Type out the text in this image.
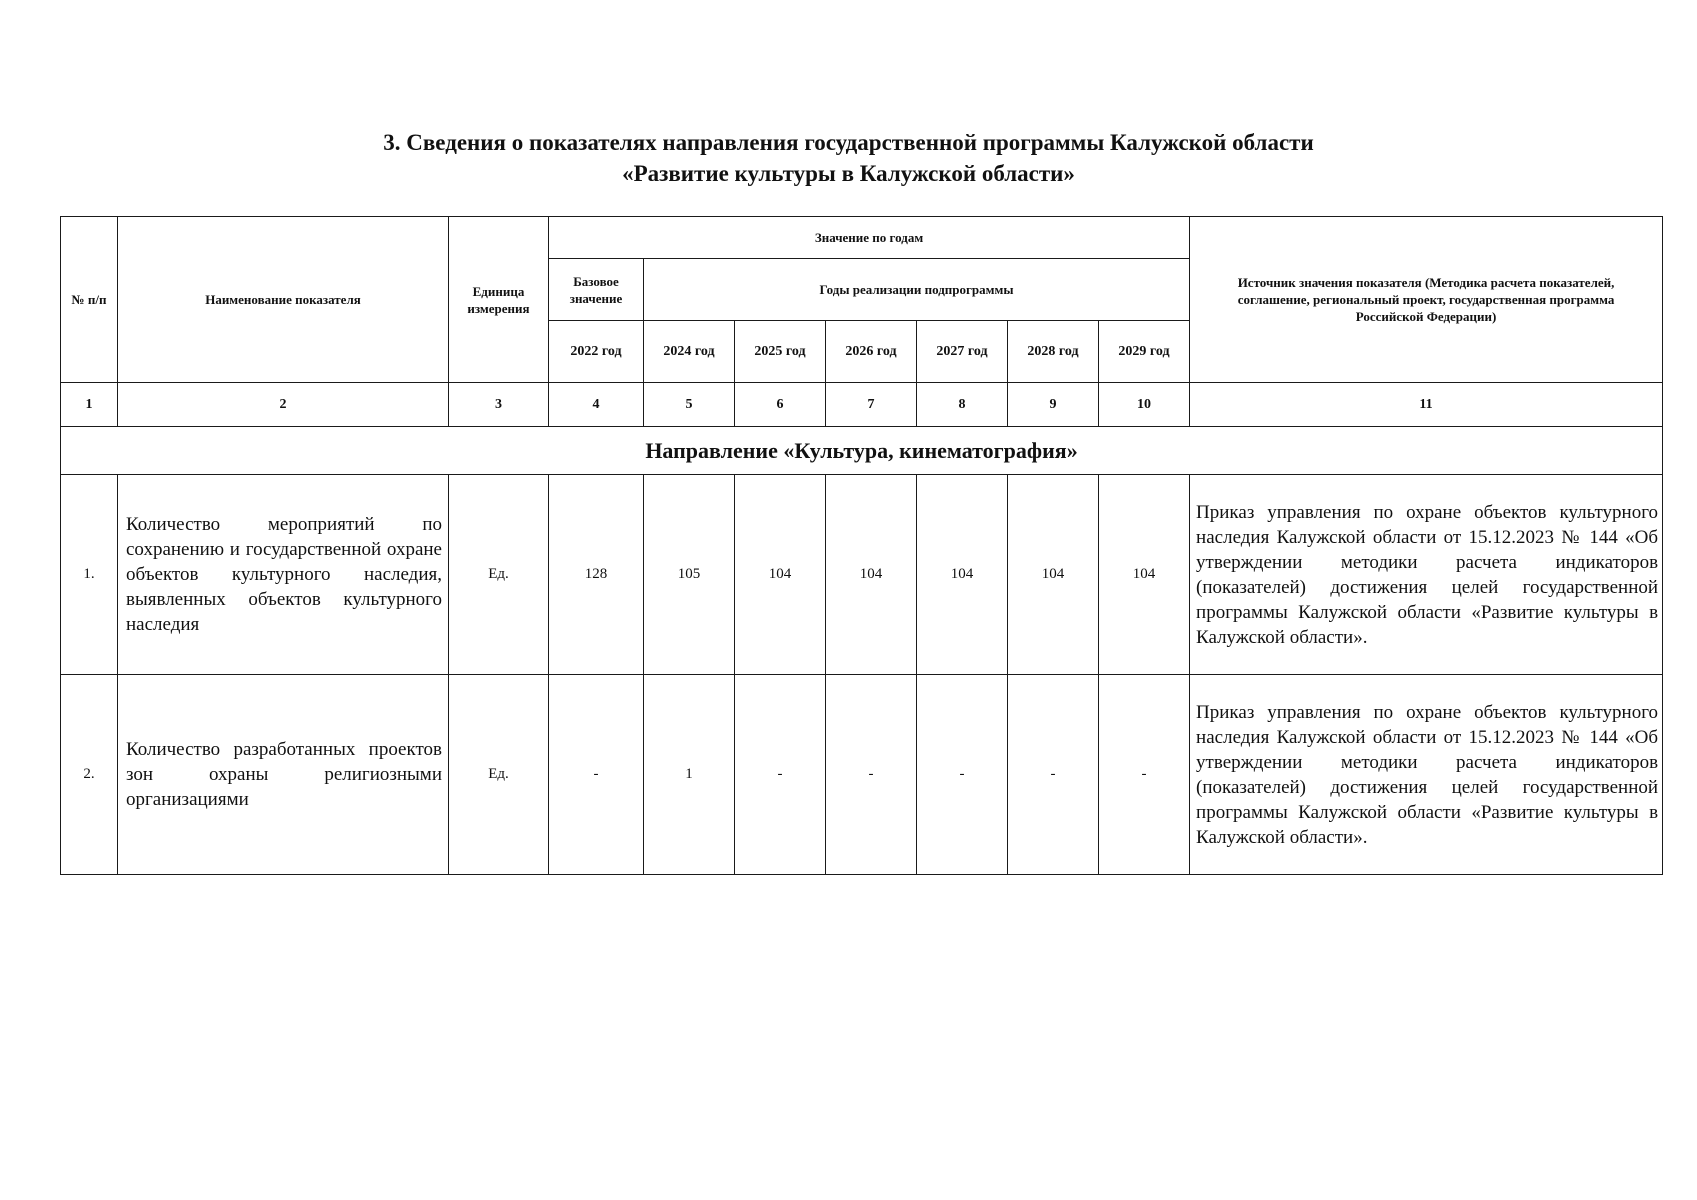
3. Сведения о показателях направления государственной программы Калужской области
«Развитие культуры в Калужской области»
№ п/п	Наименование показателя	Единица измерения	Значение по годам							Источник значения показателя (Методика расчета показателей, соглашение, региональный проект, государственная программа Российской Федерации)
			Базовое значение	Годы реализации подпрограммы						
			2022 год	2024 год	2025 год	2026 год	2027 год	2028 год	2029 год	
1	2	3	4	5	6	7	8	9	10	11
Направление «Культура, кинематография»										
1.	Количество мероприятий по сохранению и государственной охране объектов культурного наследия, выявленных объектов культурного наследия	Ед.	128	105	104	104	104	104	104	Приказ управления по охране объектов культурного наследия Калужской области от 15.12.2023 № 144 «Об утверждении методики расчета индикаторов (показателей) достижения целей государственной программы Калужской области «Развитие культуры в Калужской области».
2.	Количество разработанных проектов зон охраны религиозными организациями	Ед.	-	1	-	-	-	-	-	Приказ управления по охране объектов культурного наследия Калужской области от 15.12.2023 № 144 «Об утверждении методики расчета индикаторов (показателей) достижения целей государственной программы Калужской области «Развитие культуры в Калужской области».
